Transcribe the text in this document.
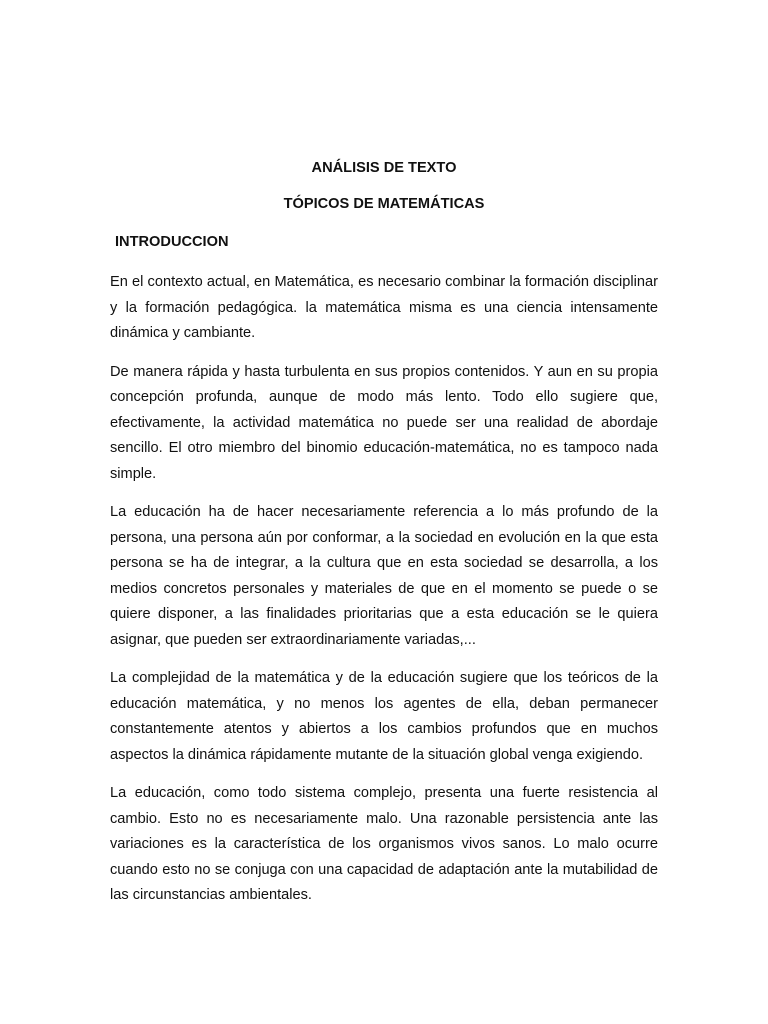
ANÁLISIS DE TEXTO
TÓPICOS DE MATEMÁTICAS
INTRODUCCION

En el contexto actual, en Matemática, es necesario combinar la formación disciplinar y la formación pedagógica. la matemática misma es una ciencia intensamente dinámica y cambiante.

De manera rápida y hasta turbulenta en sus propios contenidos. Y aun en su propia concepción profunda, aunque de modo más lento. Todo ello sugiere que, efectivamente, la actividad matemática no puede ser una realidad de abordaje sencillo. El otro miembro del binomio educación-matemática, no es tampoco nada simple.

La educación ha de hacer necesariamente referencia a lo más profundo de la persona, una persona aún por conformar, a la sociedad en evolución en la que esta persona se ha de integrar, a la cultura que en esta sociedad se desarrolla, a los medios concretos personales y materiales de que en el momento se puede o se quiere disponer, a las finalidades prioritarias que a esta educación se le quiera asignar, que pueden ser extraordinariamente variadas,...

La complejidad de la matemática y de la educación sugiere que los teóricos de la educación matemática, y no menos los agentes de ella, deban permanecer constantemente atentos y abiertos a los cambios profundos que en muchos aspectos la dinámica rápidamente mutante de la situación global venga exigiendo.

La educación, como todo sistema complejo, presenta una fuerte resistencia al cambio. Esto no es necesariamente malo. Una razonable persistencia ante las variaciones es la característica de los organismos vivos sanos. Lo malo ocurre cuando esto no se conjuga con una capacidad de adaptación ante la mutabilidad de las circunstancias ambientales.
